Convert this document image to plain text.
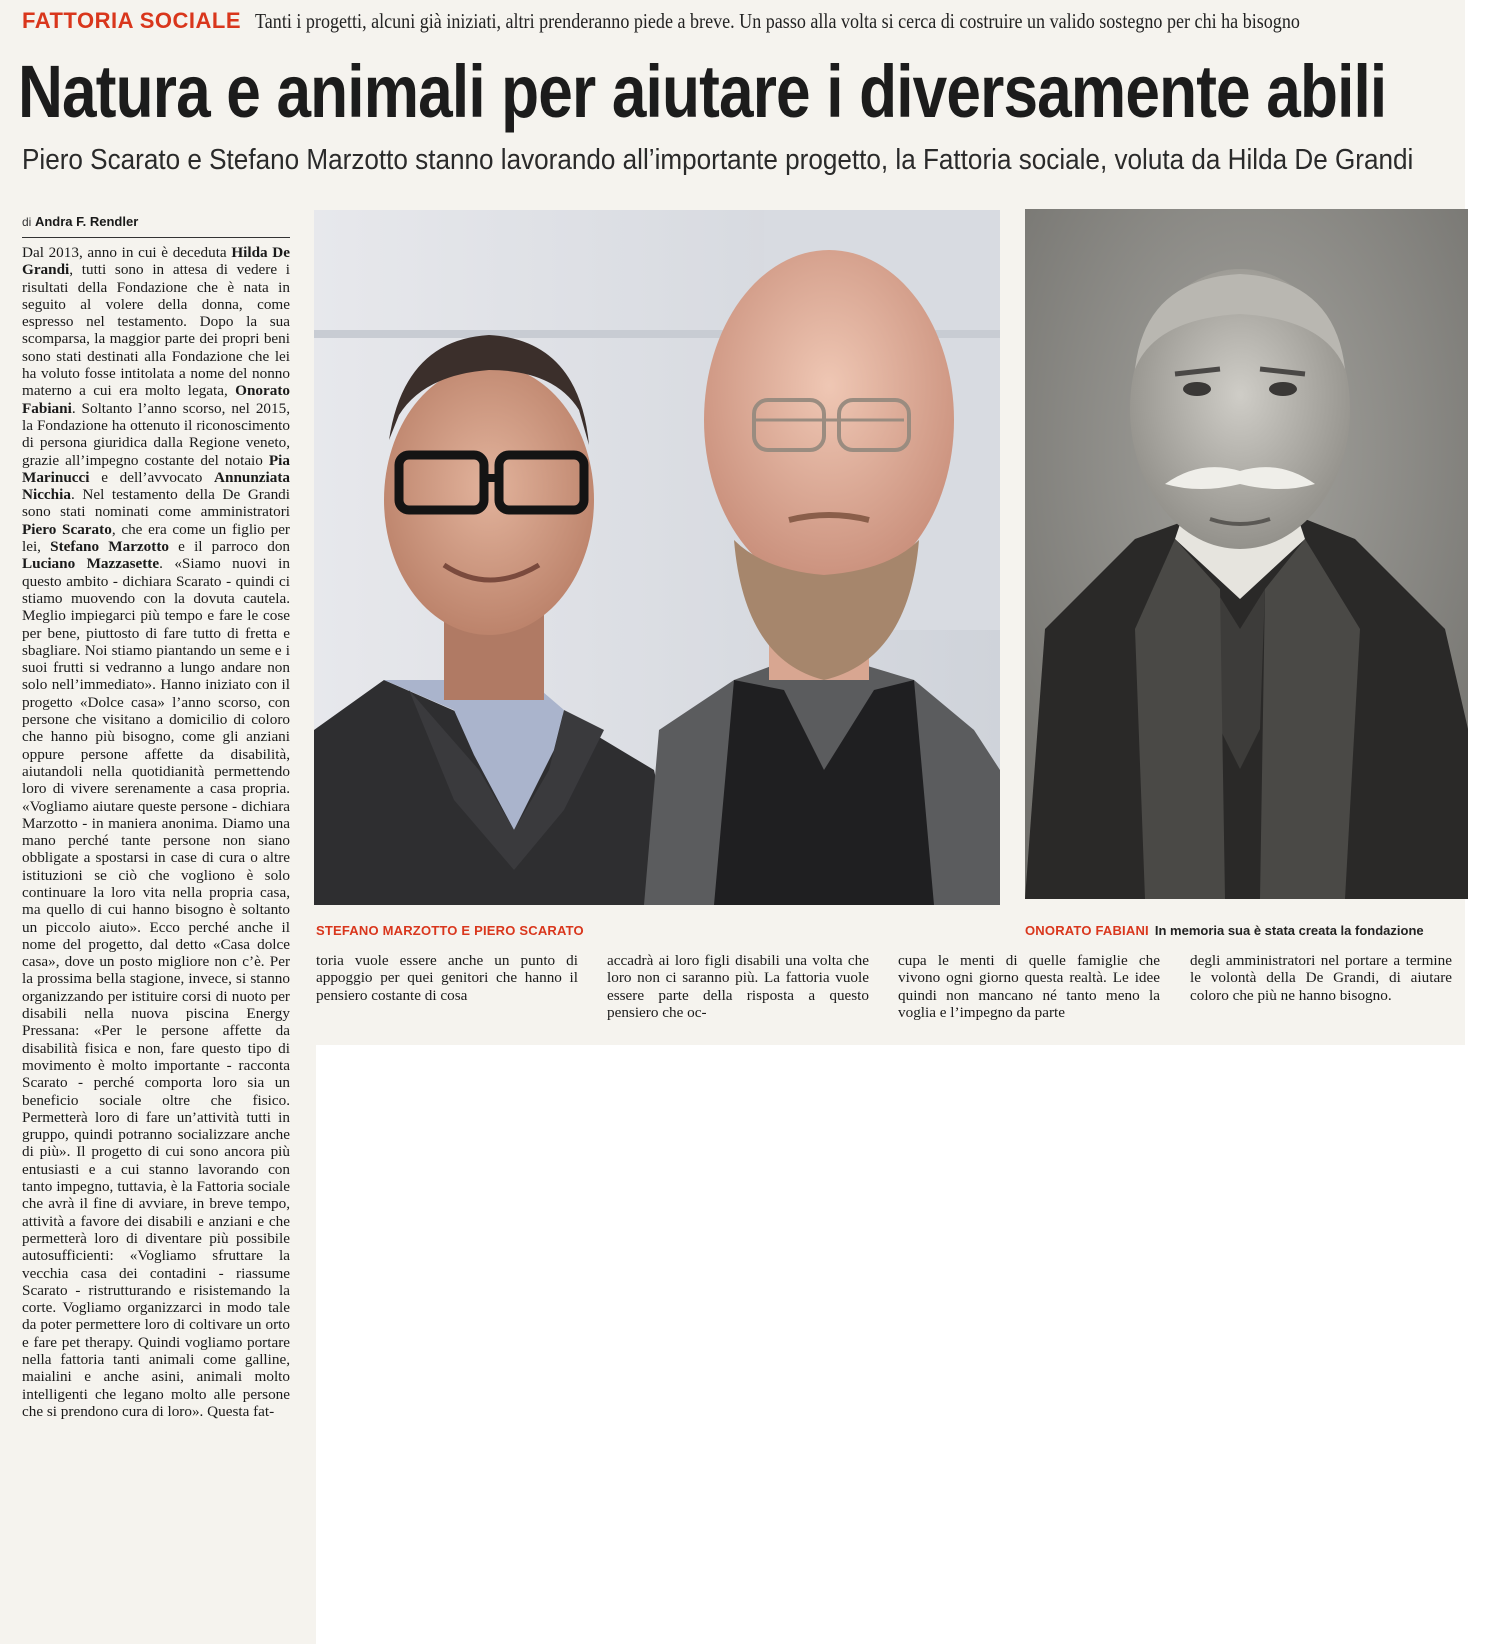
FATTORIA SOCIALE Tanti i progetti, alcuni già iniziati, altri prenderanno piede a breve. Un passo alla volta si cerca di costruire un valido sostegno per chi ha bisogno
Natura e animali per aiutare i diversamente abili
Piero Scarato e Stefano Marzotto stanno lavorando all’importante progetto, la Fattoria sociale, voluta da Hilda De Grandi
di Andra F. Rendler

Dal 2013, anno in cui è deceduta Hilda De Grandi, tutti sono in attesa di vedere i risultati della Fondazione che è nata in seguito al volere della donna, come espresso nel testamento. Dopo la sua scomparsa, la maggior parte dei propri beni sono stati destinati alla Fondazione che lei ha voluto fosse intitolata a nome del nonno materno a cui era molto legata, Onorato Fabiani. Soltanto l’anno scorso, nel 2015, la Fondazione ha ottenuto il riconoscimento di persona giuridica dalla Regione veneto, grazie all’impegno costante del notaio Pia Marinucci e dell’avvocato Annunziata Nicchia. Nel testamento della De Grandi sono stati nominati come amministratori Piero Scarato, che era come un figlio per lei, Stefano Marzotto e il parroco don Luciano Mazzasette. «Siamo nuovi in questo ambito - dichiara Scarato - quindi ci stiamo muovendo con la dovuta cautela. Meglio impiegarci più tempo e fare le cose per bene, piuttosto di fare tutto di fretta e sbagliare. Noi stiamo piantando un seme e i suoi frutti si vedranno a lungo andare non solo nell’immediato». Hanno iniziato con il progetto «Dolce casa» l’anno scorso, con persone che visitano a domicilio di coloro che hanno più bisogno, come gli anziani oppure persone affette da disabilità, aiutandoli nella quotidianità permettendo loro di vivere serenamente a casa propria. «Vogliamo aiutare queste persone - dichiara Marzotto - in maniera anonima. Diamo una mano perché tante persone non siano obbligate a spostarsi in case di cura o altre istituzioni se ciò che vogliono è solo continuare la loro vita nella propria casa, ma quello di cui hanno bisogno è soltanto un piccolo aiuto». Ecco perché anche il nome del progetto, dal detto «Casa dolce casa», dove un posto migliore non c’è. Per la prossima bella stagione, invece, si stanno organizzando per istituire corsi di nuoto per disabili nella nuova piscina Energy Pressana: «Per le persone affette da disabilità fisica e non, fare questo tipo di movimento è molto importante - racconta Scarato - perché comporta loro sia un beneficio sociale oltre che fisico. Permetterà loro di fare un’attività tutti in gruppo, quindi potranno socializzare anche di più». Il progetto di cui sono ancora più entusiasti e a cui stanno lavorando con tanto impegno, tuttavia, è la Fattoria sociale che avrà il fine di avviare, in breve tempo, attività a favore dei disabili e anziani e che permetterà loro di diventare più possibile autosufficienti: «Vogliamo sfruttare la vecchia casa dei contadini - riassume Scarato - ristrutturando e risistemando la corte. Vogliamo organizzarci in modo tale da poter permettere loro di coltivare un orto e fare pet therapy. Quindi vogliamo portare nella fattoria tanti animali come galline, maialini e anche asini, animali molto intelligenti che legano molto alle persone che si prendono cura di loro». Questa fat-

STEFANO MARZOTTO E PIERO SCARATO	ONORATO FABIANI In memoria sua è stata creata la fondazione

toria vuole essere anche un punto di appoggio per quei genitori che hanno il pensiero costante di cosa

accadrà ai loro figli disabili una volta che loro non ci saranno più. La fattoria vuole essere parte della risposta a questo pensiero che oc-

cupa le menti di quelle famiglie che vivono ogni giorno questa realtà. Le idee quindi non mancano né tanto meno la voglia e l’impegno da parte

degli amministratori nel portare a termine le volontà della De Grandi, di aiutare coloro che più ne hanno bisogno.
